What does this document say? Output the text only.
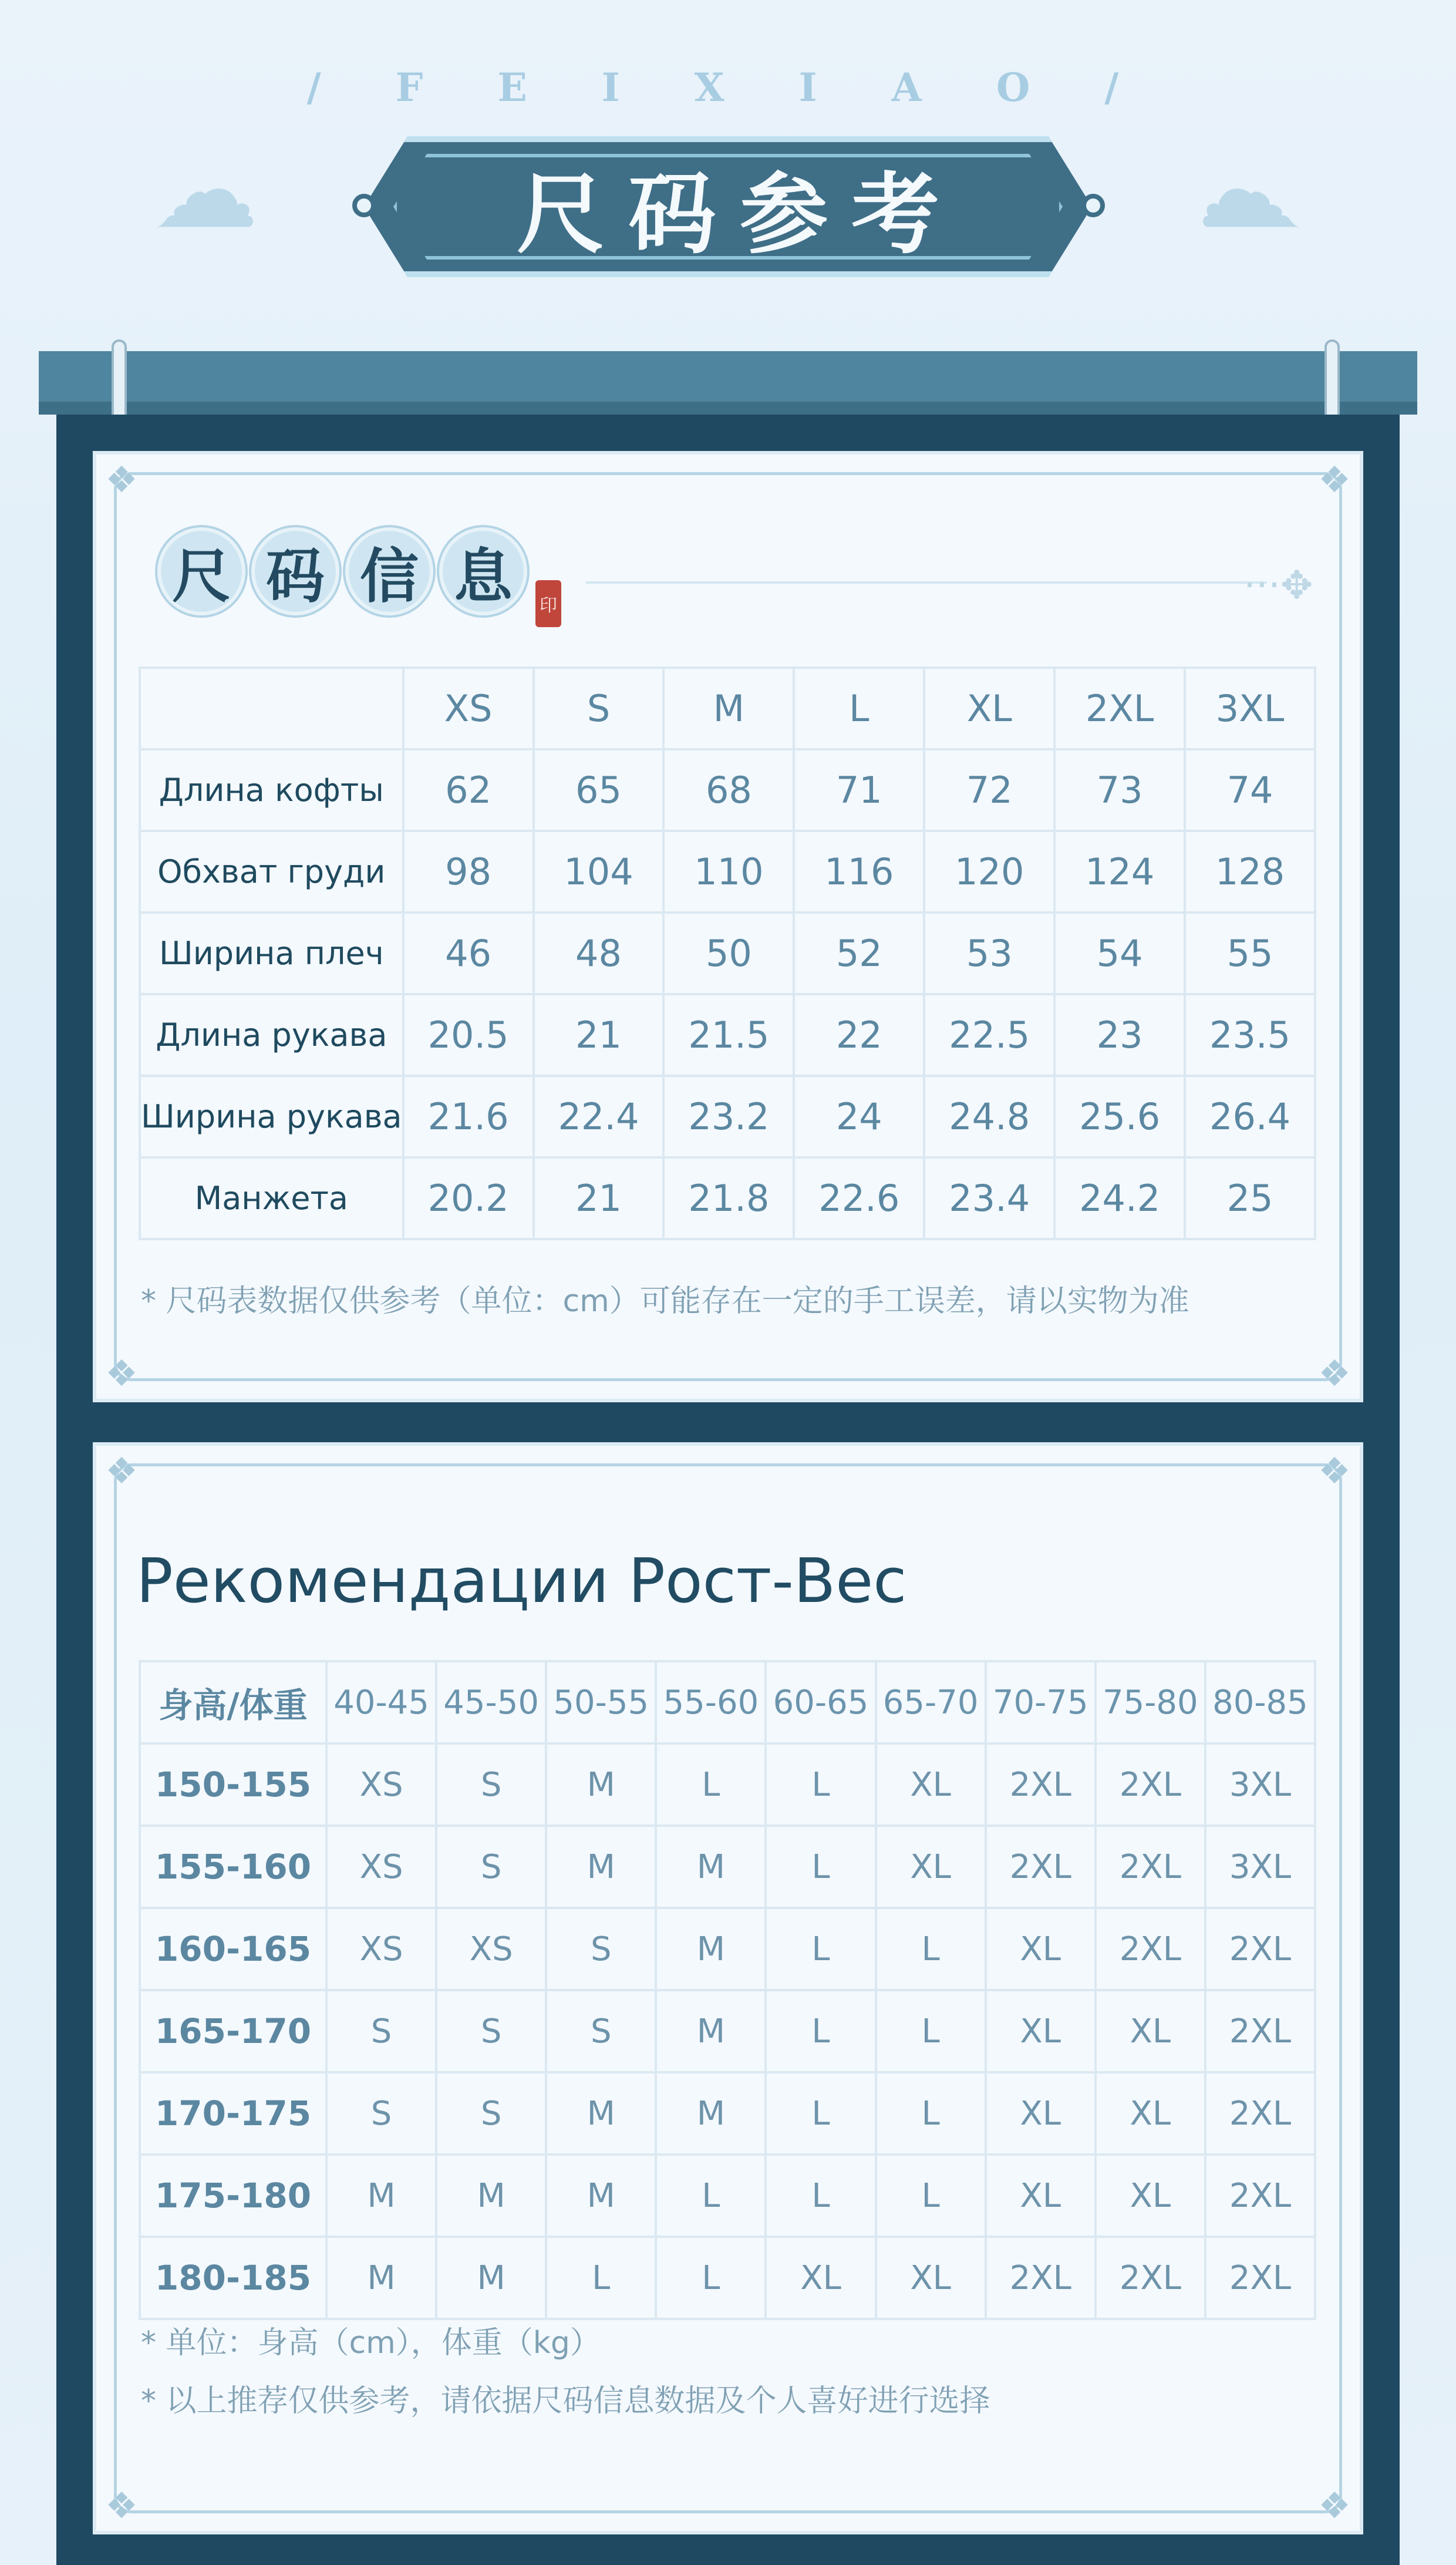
/ F E I X I A O /
☁	☁
尺码参考
❖	❖
❖	❖
尺 码 信 息	印	···✥
	XS	S	M	L	XL	2XL	3XL
Длина кофты	62	65	68	71	72	73	74
Обхват груди	98	104	110	116	120	124	128
Ширина плеч	46	48	50	52	53	54	55
Длина рукава	20.5	21	21.5	22	22.5	23	23.5
Ширина рукава	21.6	22.4	23.2	24	24.8	25.6	26.4
Манжета	20.2	21	21.8	22.6	23.4	24.2	25
* 尺码表数据仅供参考（单位：cm）可能存在一定的手工误差，请以实物为准
❖	❖
❖	❖
Рекомендации Рост-Вес
身高/体重	40-45	45-50	50-55	55-60	60-65	65-70	70-75	75-80	80-85
150-155	XS	S	M	L	L	XL	2XL	2XL	3XL
155-160	XS	S	M	M	L	XL	2XL	2XL	3XL
160-165	XS	XS	S	M	L	L	XL	2XL	2XL
165-170	S	S	S	M	L	L	XL	XL	2XL
170-175	S	S	M	M	L	L	XL	XL	2XL
175-180	M	M	M	L	L	L	XL	XL	2XL
180-185	M	M	L	L	XL	XL	2XL	2XL	2XL
* 单位：身高（cm），体重（kg）
* 以上推荐仅供参考，请依据尺码信息数据及个人喜好进行选择
